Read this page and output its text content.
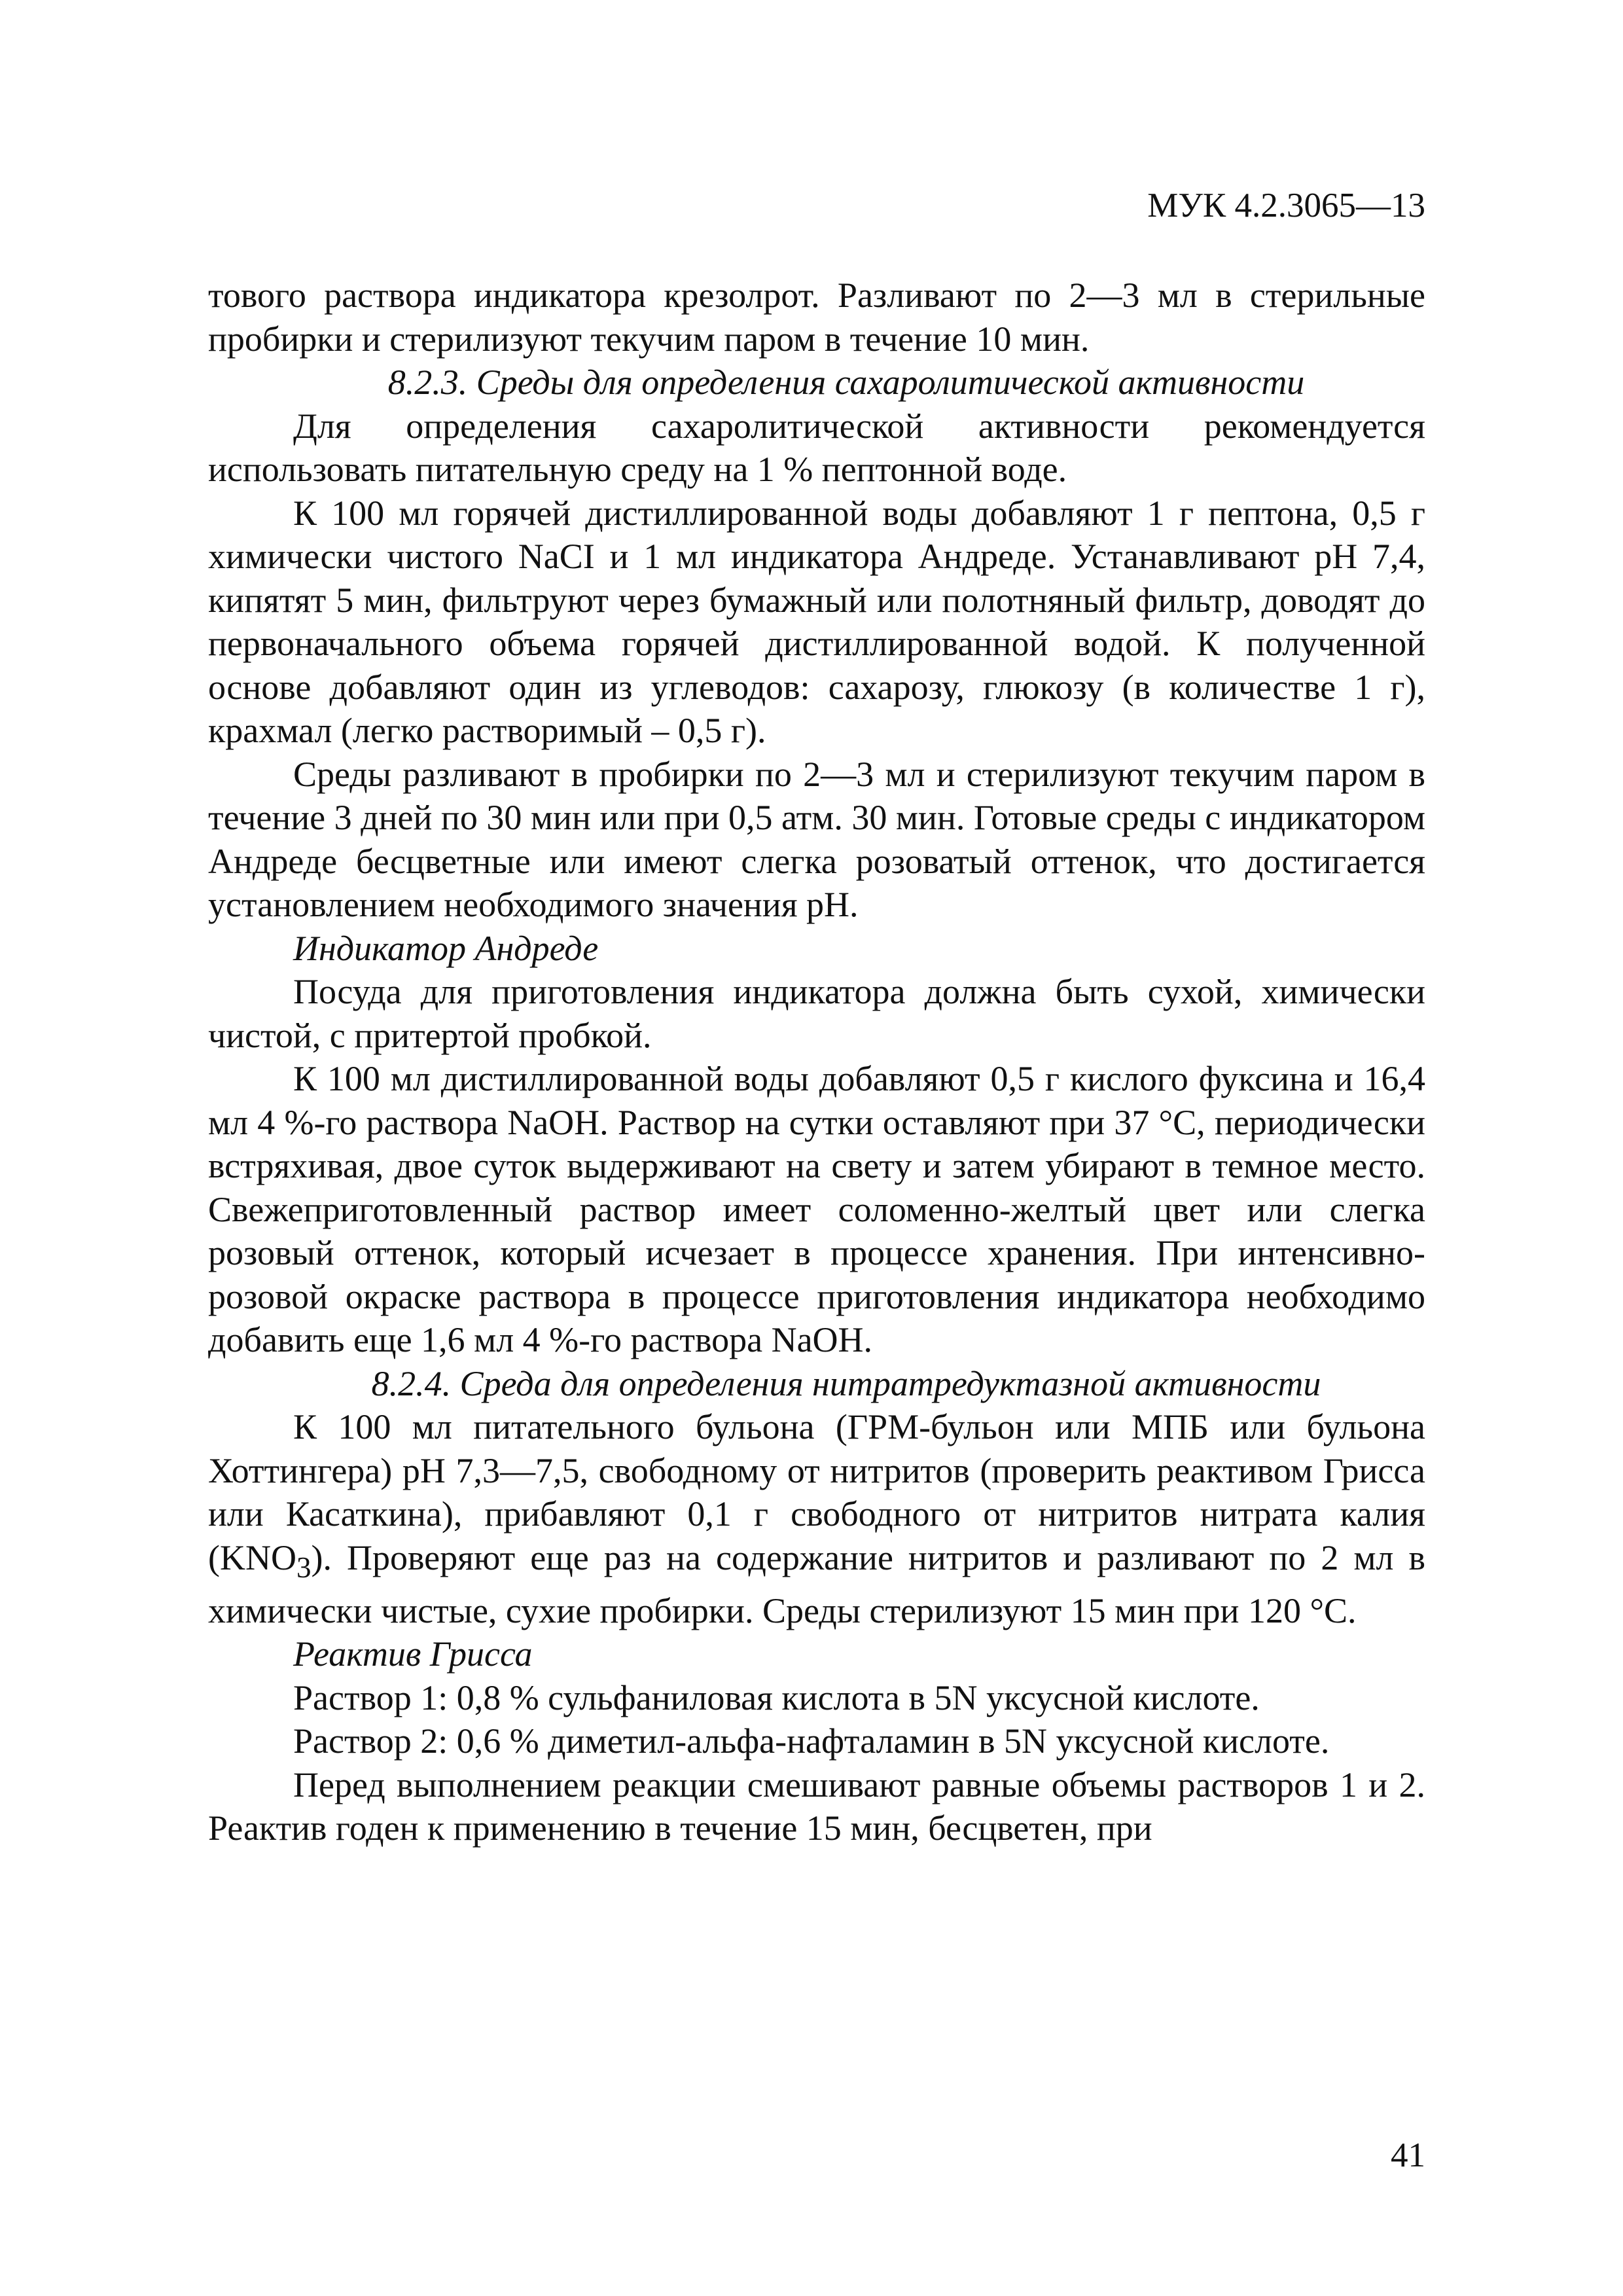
МУК 4.2.3065—13

тового раствора индикатора крезолрот. Разливают по 2—3 мл в стерильные пробирки и стерилизуют текучим паром в течение 10 мин.

8.2.3. Среды для определения сахаролитической активности

Для определения сахаролитической активности рекомендуется использовать питательную среду на 1 % пептонной воде.

К 100 мл горячей дистиллированной воды добавляют 1 г пептона, 0,5 г химически чистого NaCI и 1 мл индикатора Андреде. Устанавливают pH 7,4, кипятят 5 мин, фильтруют через бумажный или полотняный фильтр, доводят до первоначального объема горячей дистиллированной водой. К полученной основе добавляют один из углеводов: сахарозу, глюкозу (в количестве 1 г), крахмал (легко растворимый – 0,5 г).

Среды разливают в пробирки по 2—3 мл и стерилизуют текучим паром в течение 3 дней по 30 мин или при 0,5 атм. 30 мин. Готовые среды с индикатором Андреде бесцветные или имеют слегка розоватый оттенок, что достигается установлением необходимого значения pH.

Индикатор Андреде

Посуда для приготовления индикатора должна быть сухой, химически чистой, с притертой пробкой.

К 100 мл дистиллированной воды добавляют 0,5 г кислого фуксина и 16,4 мл 4 %-го раствора NaOH. Раствор на сутки оставляют при 37 °С, периодически встряхивая, двое суток выдерживают на свету и затем убирают в темное место. Свежеприготовленный раствор имеет соломенно-желтый цвет или слегка розовый оттенок, который исчезает в процессе хранения. При интенсивно-розовой окраске раствора в процессе приготовления индикатора необходимо добавить еще 1,6 мл 4 %-го раствора NaOH.

8.2.4. Среда для определения нитратредуктазной активности

К 100 мл питательного бульона (ГРМ-бульон или МПБ или бульона Хоттингера) pH 7,3—7,5, свободному от нитритов (проверить реактивом Грисса или Касаткина), прибавляют 0,1 г свободного от нитритов нитрата калия $(KNO_3)$. Проверяют еще раз на содержание нитритов и разливают по 2 мл в химически чистые, сухие пробирки. Среды стерилизуют 15 мин при 120 °С.

Реактив Грисса

Раствор 1: 0,8 % сульфаниловая кислота в 5N уксусной кислоте.

Раствор 2: 0,6 % диметил-альфа-нафталамин в 5N уксусной кислоте.

Перед выполнением реакции смешивают равные объемы растворов 1 и 2. Реактив годен к применению в течение 15 мин, бесцветен, при

41
